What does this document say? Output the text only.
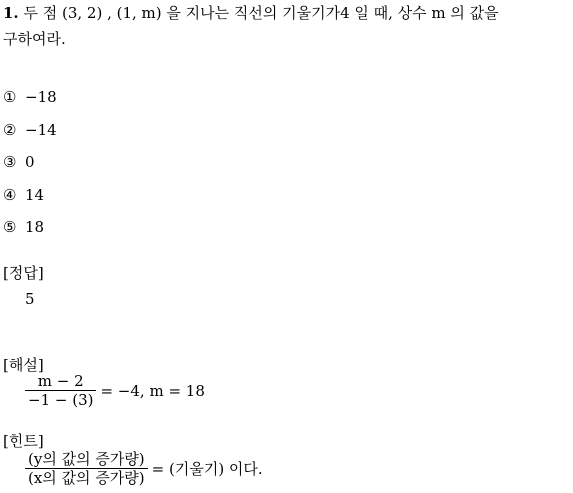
1. 두 점 (3, 2) , (1, m) 을 지나는 직선의 기울기가4 일 때, 상수 m 의 값을
구하여라.
① −18
② −14
③ 0
④ 14
⑤ 18
[정답]
5
[해설]
$\frac{m - 2}{-1 - (3)} = -4$, m = 18
[힌트]
$\frac{\text{(y의 값의 증가량)}}{\text{(x의 값의 증가량)}}$ = (기울기) 이다.
